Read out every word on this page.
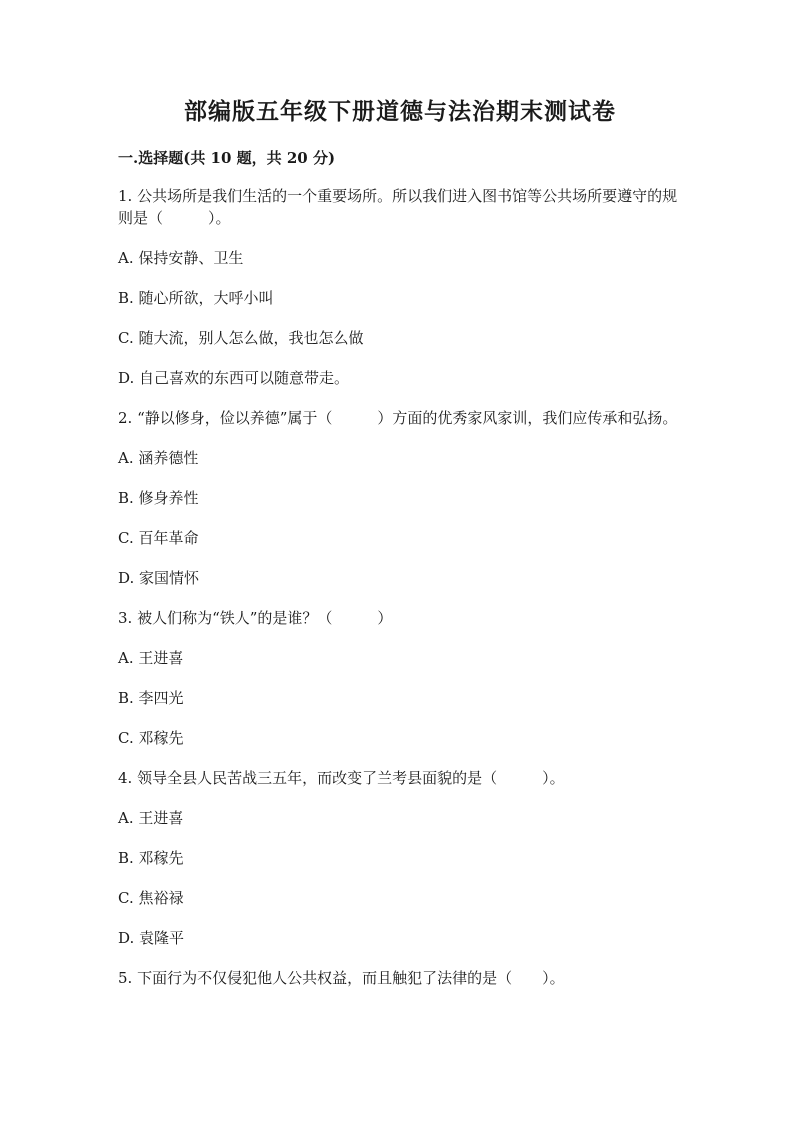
部编版五年级下册道德与法治期末测试卷
一.选择题(共 10 题，共 20 分)
1. 公共场所是我们生活的一个重要场所。所以我们进入图书馆等公共场所要遵守的规则是（　　　）。
A. 保持安静、卫生
B. 随心所欲，大呼小叫
C. 随大流，别人怎么做，我也怎么做
D. 自己喜欢的东西可以随意带走。
2. “静以修身，俭以养德”属于（　　　）方面的优秀家风家训，我们应传承和弘扬。
A. 涵养德性
B. 修身养性
C. 百年革命
D. 家国情怀
3. 被人们称为“铁人”的是谁？（　　　）
A. 王进喜
B. 李四光
C. 邓稼先
4. 领导全县人民苦战三五年，而改变了兰考县面貌的是（　　　）。
A. 王进喜
B. 邓稼先
C. 焦裕禄
D. 袁隆平
5. 下面行为不仅侵犯他人公共权益，而且触犯了法律的是（　　）。
